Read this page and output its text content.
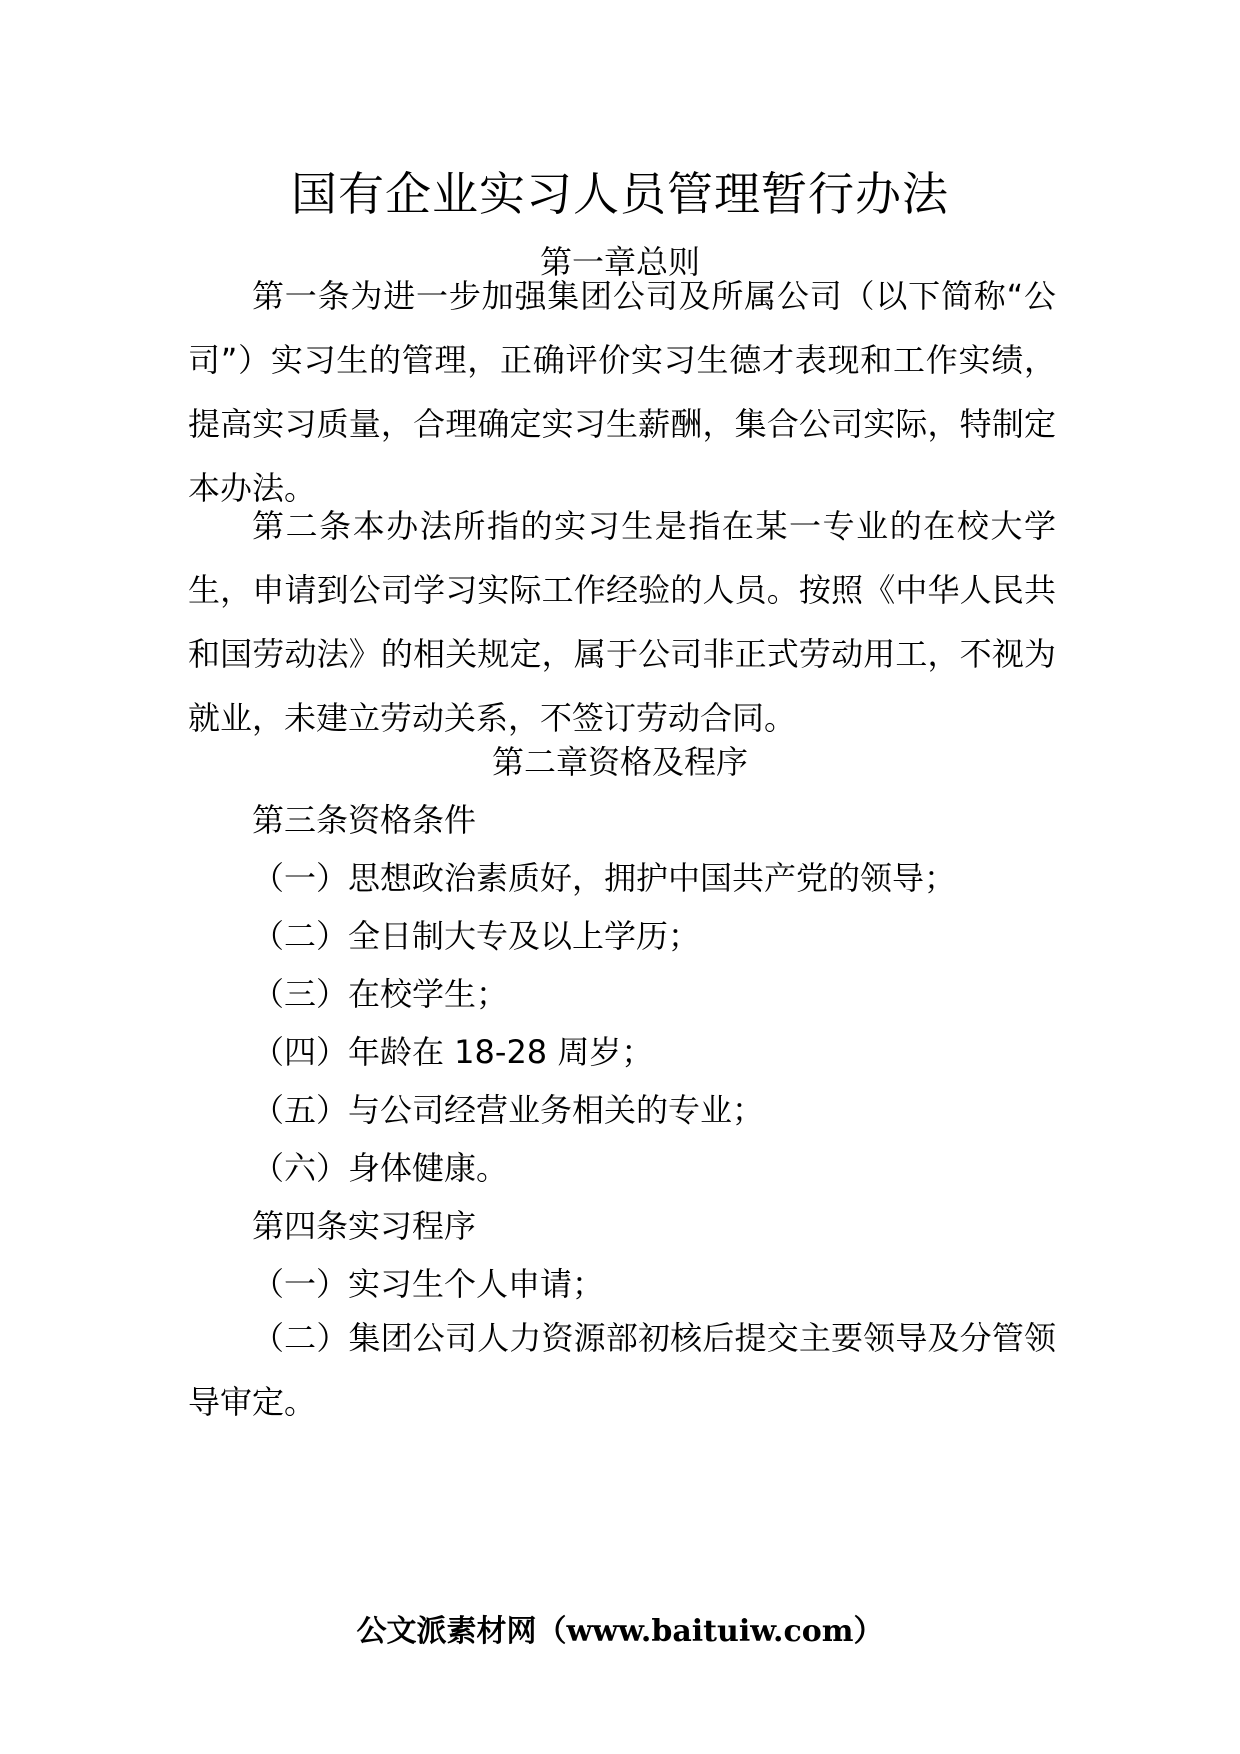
国有企业实习人员管理暂行办法
第一章总则

第一条为进一步加强集团公司及所属公司（以下简称“公司”）实习生的管理，正确评价实习生德才表现和工作实绩，提高实习质量，合理确定实习生薪酬，集合公司实际，特制定本办法。

第二条本办法所指的实习生是指在某一专业的在校大学生，申请到公司学习实际工作经验的人员。按照《中华人民共和国劳动法》的相关规定，属于公司非正式劳动用工，不视为就业，未建立劳动关系，不签订劳动合同。

第二章资格及程序
第三条资格条件
（一）思想政治素质好，拥护中国共产党的领导；
（二）全日制大专及以上学历；
（三）在校学生；
（四）年龄在 18-28 周岁；
（五）与公司经营业务相关的专业；
（六）身体健康。
第四条实习程序
（一）实习生个人申请；

（二）集团公司人力资源部初核后提交主要领导及分管领导审定。

公文派素材网（www.baituiw.com）
